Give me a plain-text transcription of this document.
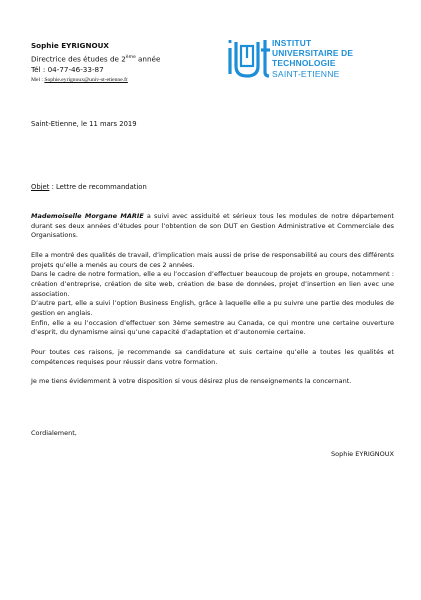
Sophie EYRIGNOUX
Directrice des études de 2ème année
Tél : 04-77-46-33-87
Mel : Sophie.eyrignoux@univ-st-etienne.fr
INSTITUT
UNIVERSITAIRE DE
TECHNOLOGIE
SAINT-ETIENNE
Saint-Etienne, le 11 mars 2019
Objet : Lettre de recommandation

Mademoiselle Morgane MARIE a suivi avec assiduité et sérieux tous les modules de notre département durant ses deux années d’études pour l’obtention de son DUT en Gestion Administrative et Commerciale des Organisations.

Elle a montré des qualités de travail, d’implication mais aussi de prise de responsabilité au cours des différents projets qu’elle a menés au cours de ces 2 années.

Dans le cadre de notre formation, elle a eu l’occasion d’effectuer beaucoup de projets en groupe, notamment : création d’entreprise, création de site web, création de base de données, projet d’insertion en lien avec une association.

D’autre part, elle a suivi l’option Business English, grâce à laquelle elle a pu suivre une partie des modules de gestion en anglais.

Enfin, elle a eu l’occasion d’effectuer son 3ème semestre au Canada, ce qui montre une certaine ouverture d’esprit, du dynamisme ainsi qu’une capacité d’adaptation et d’autonomie certaine.

Pour toutes ces raisons, je recommande sa candidature et suis certaine qu’elle a toutes les qualités et compétences requises pour réussir dans votre formation.

Je me tiens évidemment à votre disposition si vous désirez plus de renseignements la concernant.

Cordialement,
Sophie EYRIGNOUX
